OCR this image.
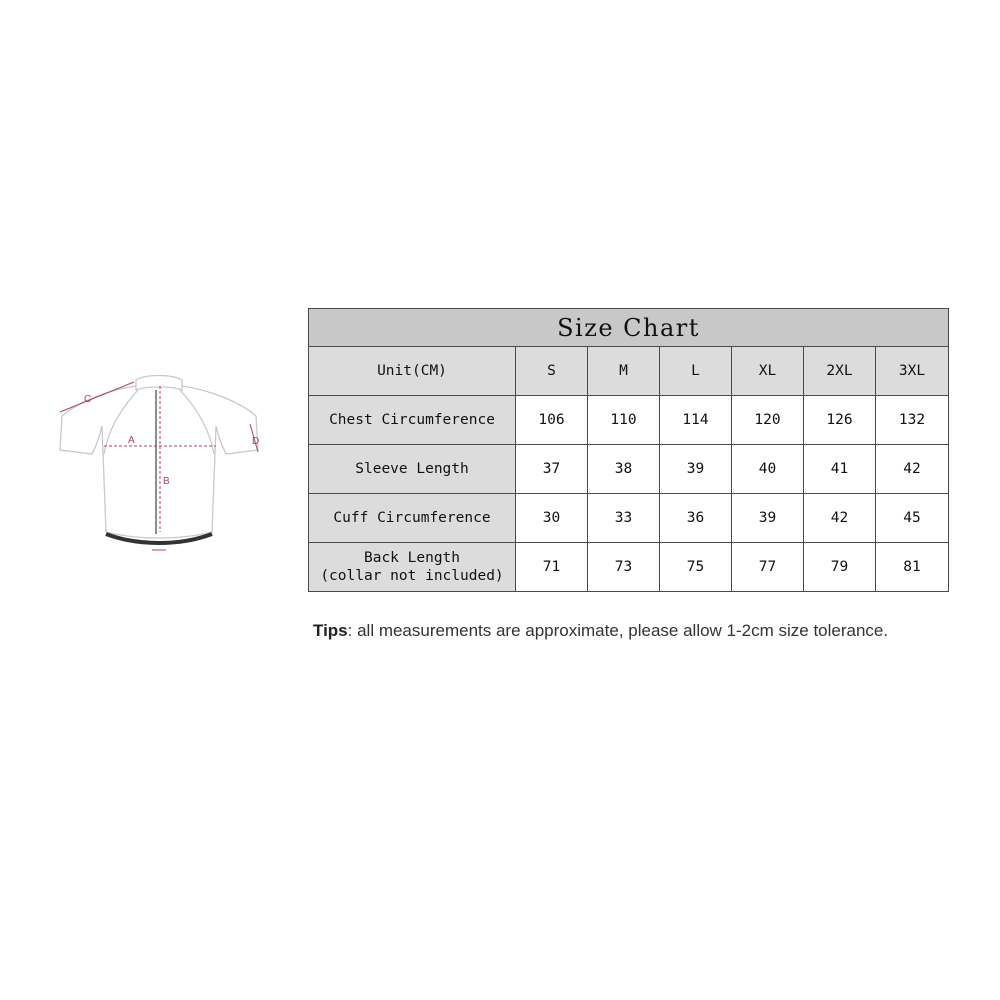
C
A
B
D
Size Chart						
Unit(CM)	S	M	L	XL	2XL	3XL
Chest Circumference	106	110	114	120	126	132
Sleeve Length	37	38	39	40	41	42
Cuff Circumference	30	33	36	39	42	45

Back Length
(collar not included)	71	73	75	77	79	81
Tips: all measurements are approximate, please allow 1-2cm size tolerance.
